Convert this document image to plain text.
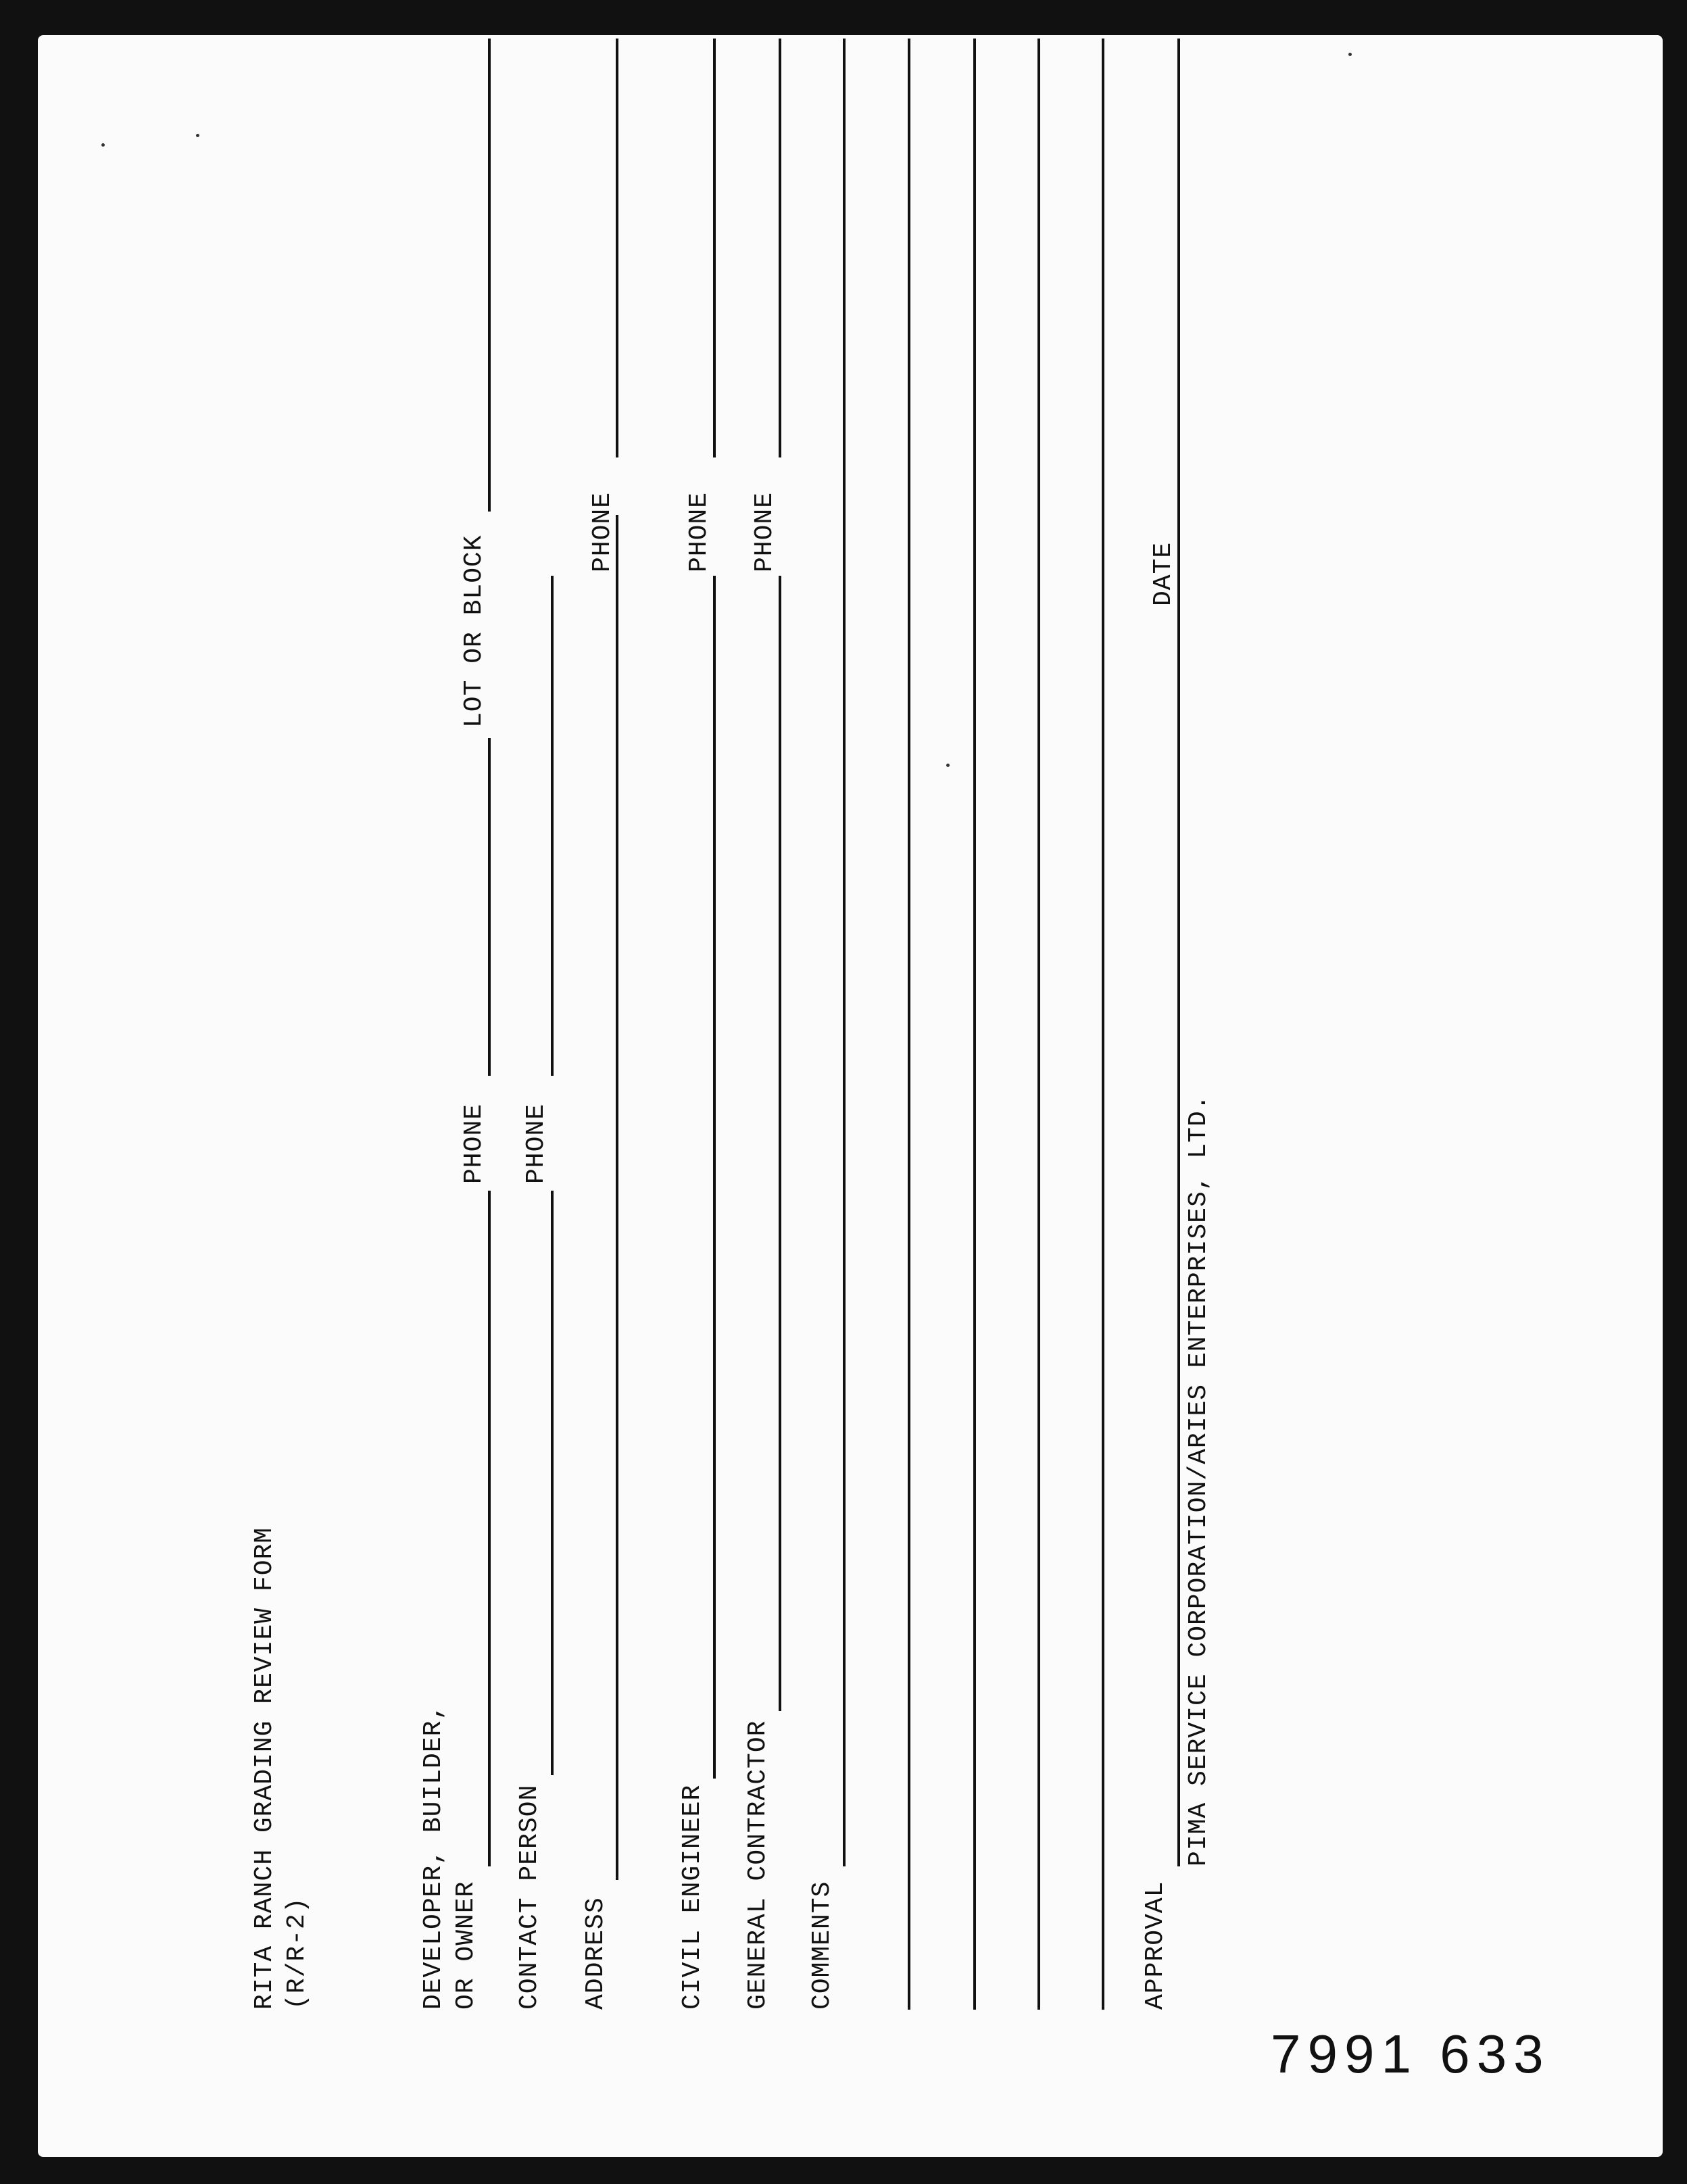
RITA RANCH GRADING REVIEW FORM (R/R-2)	DEVELOPER, BUILDER, OR OWNER
PHONE
LOT OR BLOCK
CONTACT PERSON
PHONE
ADDRESS
PHONE
CIVIL ENGINEER
PHONE
GENERAL CONTRACTOR
PHONE
COMMENTS	APPROVAL
DATE
PIMA SERVICE CORPORATION/ARIES ENTERPRISES, LTD.
7991 633
